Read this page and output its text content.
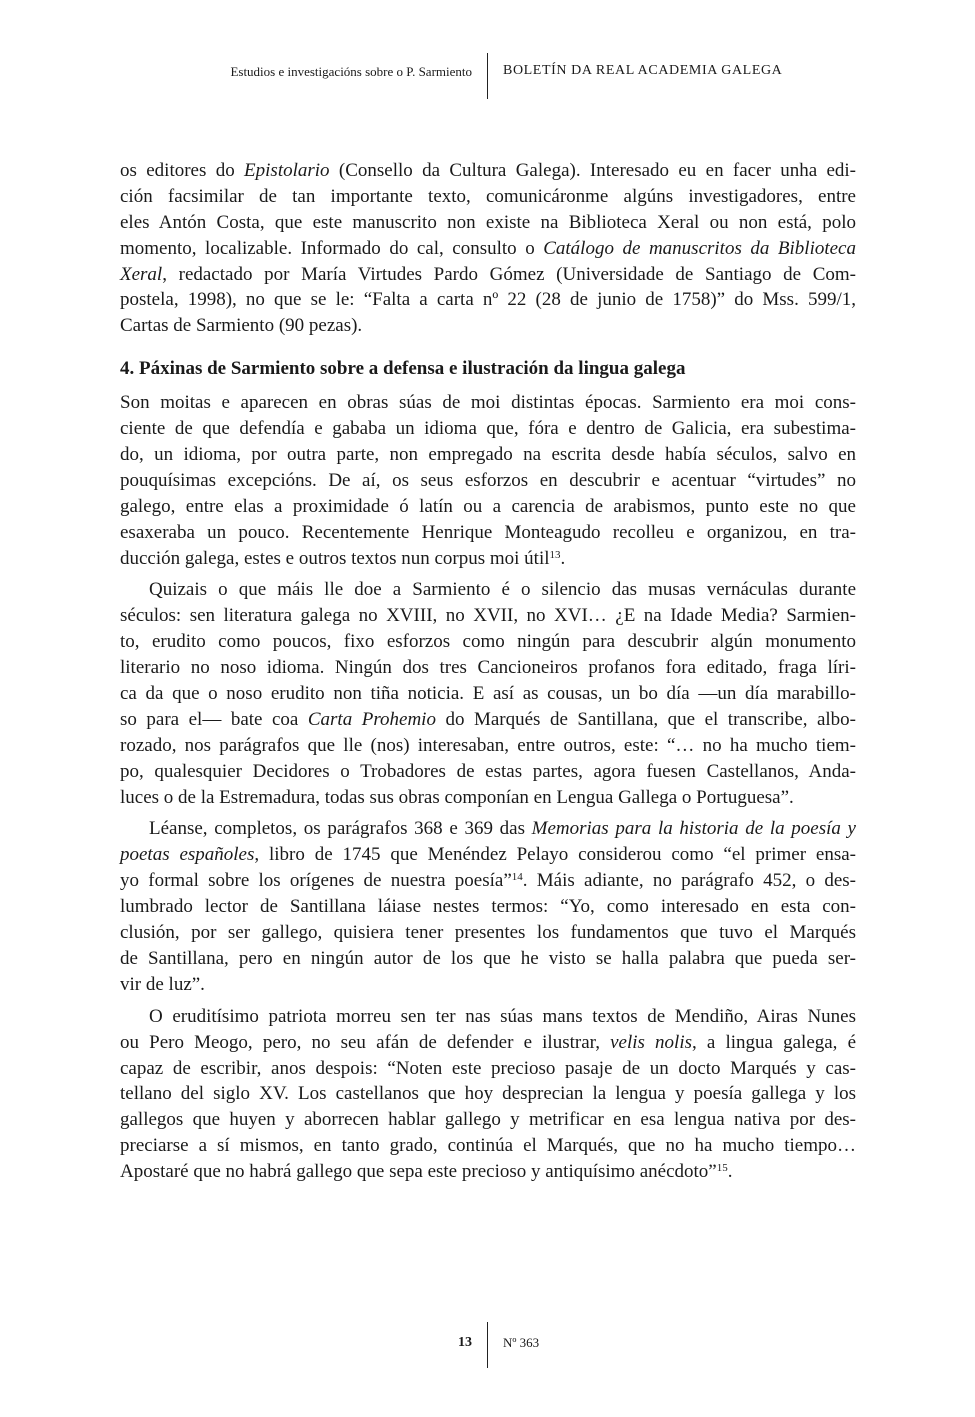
Estudios e investigacións sobre o P. Sarmiento BOLETÍN DA REAL ACADEMIA GALEGA
os editores do Epistolario (Consello da Cultura Galega). Interesado eu en facer unha edi-
ción facsimilar de tan importante texto, comunicáronme algúns investigadores, entre
eles Antón Costa, que este manuscrito non existe na Biblioteca Xeral ou non está, polo
momento, localizable. Informado do cal, consulto o Catálogo de manuscritos da Biblioteca
Xeral, redactado por María Virtudes Pardo Gómez (Universidade de Santiago de Com-
postela, 1998), no que se le: “Falta a carta nº 22 (28 de junio de 1758)” do Mss. 599/1,
Cartas de Sarmiento (90 pezas).
4. Páxinas de Sarmiento sobre a defensa e ilustración da lingua galega
Son moitas e aparecen en obras súas de moi distintas épocas. Sarmiento era moi cons-
ciente de que defendía e gababa un idioma que, fóra e dentro de Galicia, era subestima-
do, un idioma, por outra parte, non empregado na escrita desde había séculos, salvo en
pouquísimas excepcións. De aí, os seus esforzos en descubrir e acentuar “virtudes” no
galego, entre elas a proximidade ó latín ou a carencia de arabismos, punto este no que
esaxeraba un pouco. Recentemente Henrique Monteagudo recolleu e organizou, en tra-
ducción galega, estes e outros textos nun corpus moi útil$^{13}$.
Quizais o que máis lle doe a Sarmiento é o silencio das musas vernáculas durante
séculos: sen literatura galega no XVIII, no XVII, no XVI… ¿E na Idade Media? Sarmien-
to, erudito como poucos, fixo esforzos como ningún para descubrir algún monumento
literario no noso idioma. Ningún dos tres Cancioneiros profanos fora editado, fraga líri-
ca da que o noso erudito non tiña noticia. E así as cousas, un bo día —un día marabillo-
so para el— bate coa Carta Prohemio do Marqués de Santillana, que el transcribe, albo-
rozado, nos parágrafos que lle (nos) interesaban, entre outros, este: “… no ha mucho tiem-
po, qualesquier Decidores o Trobadores de estas partes, agora fuesen Castellanos, Anda-
luces o de la Estremadura, todas sus obras componían en Lengua Gallega o Portuguesa”.
Léanse, completos, os parágrafos 368 e 369 das Memorias para la historia de la poesía y
poetas españoles, libro de 1745 que Menéndez Pelayo considerou como “el primer ensa-
yo formal sobre los orígenes de nuestra poesía”$^{14}$. Máis adiante, no parágrafo 452, o des-
lumbrado lector de Santillana láiase nestes termos: “Yo, como interesado en esta con-
clusión, por ser gallego, quisiera tener presentes los fundamentos que tuvo el Marqués
de Santillana, pero en ningún autor de los que he visto se halla palabra que pueda ser-
vir de luz”.
O eruditísimo patriota morreu sen ter nas súas mans textos de Mendiño, Airas Nunes
ou Pero Meogo, pero, no seu afán de defender e ilustrar, velis nolis, a lingua galega, é
capaz de escribir, anos despois: “Noten este precioso pasaje de un docto Marqués y cas-
tellano del siglo XV. Los castellanos que hoy desprecian la lengua y poesía gallega y los
gallegos que huyen y aborrecen hablar gallego y metrificar en esa lengua nativa por des-
preciarse a sí mismos, en tanto grado, continúa el Marqués, que no ha mucho tiempo…
Apostaré que no habrá gallego que sepa este precioso y antiquísimo anécdoto”$^{15}$.
13 Nº 363
